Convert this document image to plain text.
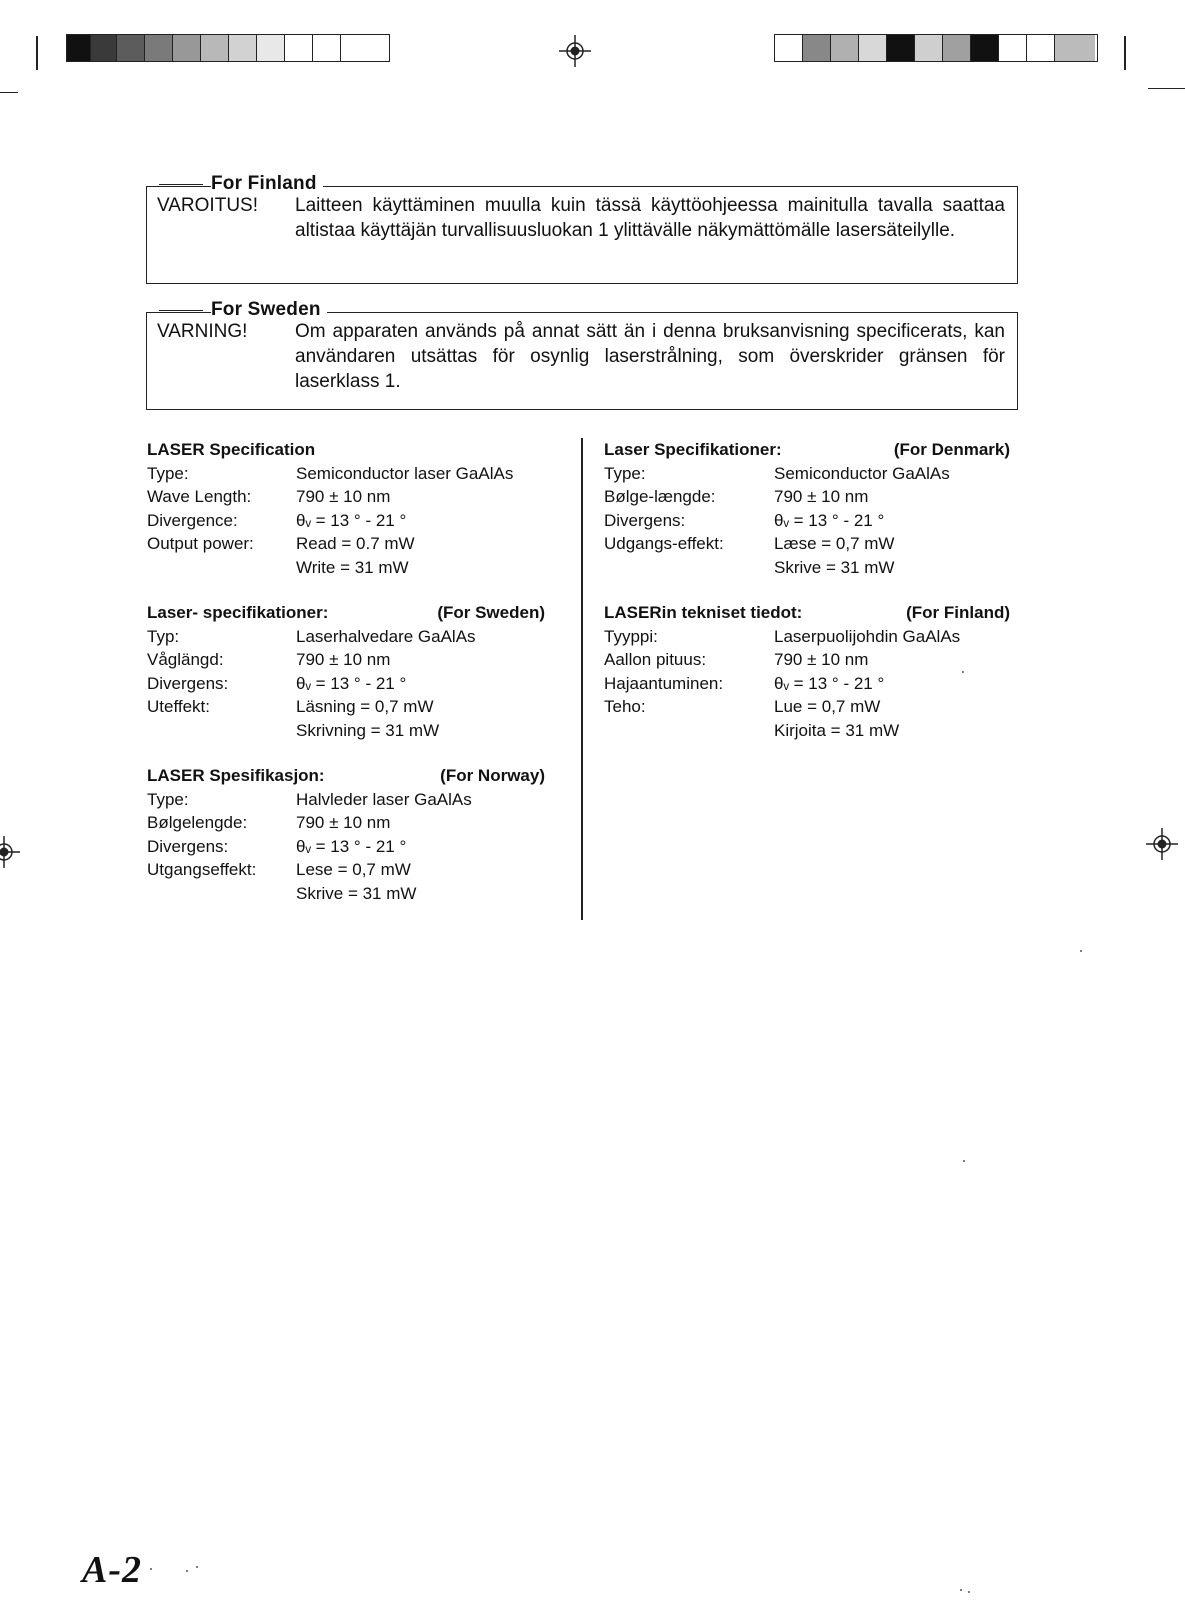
For Finland
VAROITUS!	Laitteen käyttäminen muulla kuin tässä käyttöohjeessa mainitulla tavalla saattaa altistaa käyttäjän turvallisuusluokan 1 ylittävälle näkymättömälle lasersäteilylle.
For Sweden
VARNING!	Om apparaten används på annat sätt än i denna bruksanvisning specificerats, kan användaren utsättas för osynlig laserstrålning, som överskrider gränsen för laserklass 1.
LASER Specification
Type:	Semiconductor laser GaAlAs
Wave Length:	790 ± 10 nm
Divergence:	θᵥ = 13 ° - 21 °
Output power:	Read = 0.7 mW
Write = 31 mW
Laser- specifikationer:	(For Sweden)
Typ:	Laserhalvedare GaAlAs
Våglängd:	790 ± 10 nm
Divergens:	θᵥ = 13 ° - 21 °
Uteffekt:	Läsning = 0,7 mW
Skrivning = 31 mW
LASER Spesifikasjon:	(For Norway)
Type:	Halvleder laser GaAlAs
Bølgelengde:	790 ± 10 nm
Divergens:	θᵥ = 13 ° - 21 °
Utgangseffekt:	Lese = 0,7 mW
Skrive = 31 mW
Laser Specifikationer:	(For Denmark)
Type:	Semiconductor GaAlAs
Bølge-længde:	790 ± 10 nm
Divergens:	θᵥ = 13 ° - 21 °
Udgangs-effekt:	Læse = 0,7 mW
Skrive = 31 mW
LASERin tekniset tiedot:	(For Finland)
Tyyppi:	Laserpuolijohdin GaAlAs
Aallon pituus:	790 ± 10 nm
Hajaantuminen:	θᵥ = 13 ° - 21 °
Teho:	Lue = 0,7 mW
Kirjoita = 31 mW
A-2
